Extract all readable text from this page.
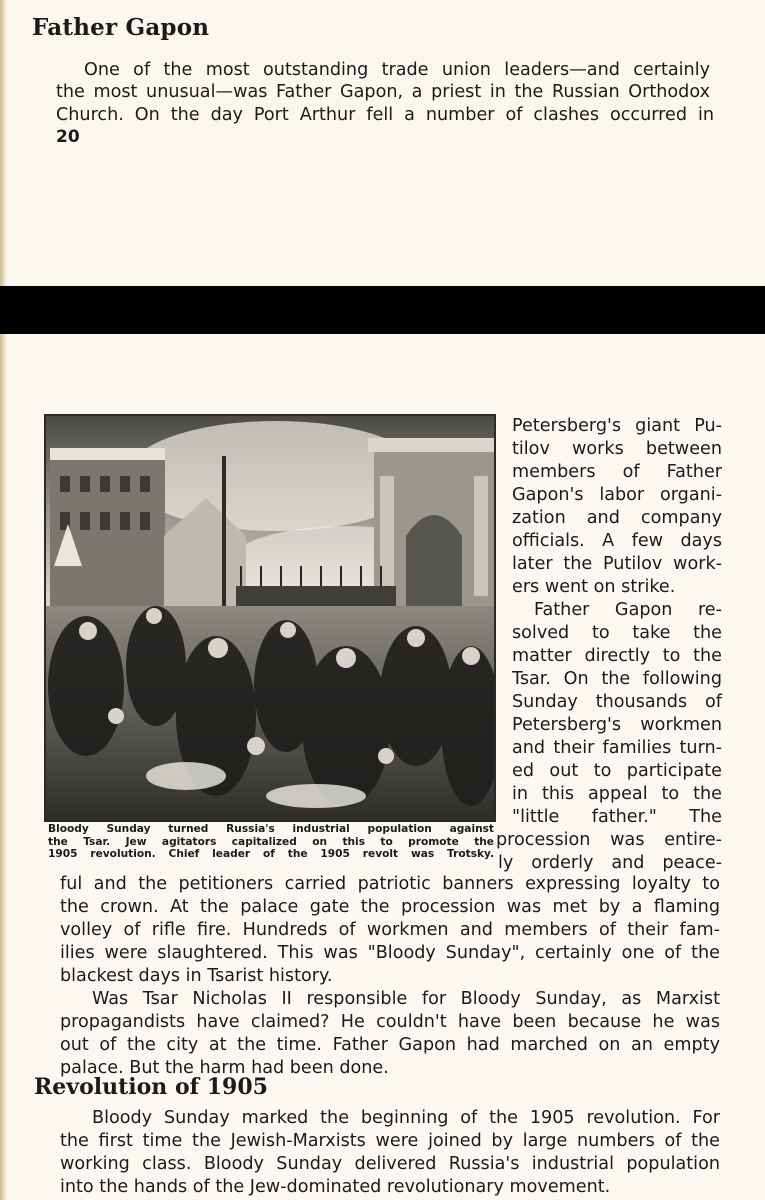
Father Gapon

One of the most outstanding trade union leaders—and certainly

the most unusual—was Father Gapon, a priest in the Russian Orthodox

Church. On the day Port Arthur fell a number of clashes occurred in

20

Bloody Sunday turned Russia's industrial population against
the Tsar. Jew agitators capitalized on this to promote the
1905 revolution. Chief leader of the 1905 revolt was Trotsky.

Petersberg's giant Pu-
tilov works between
members of Father
Gapon's labor organi-
zation and company
officials. A few days
later the Putilov work-
ers went on strike.
Father Gapon re-
solved to take the
matter directly to the
Tsar. On the following
Sunday thousands of
Petersberg's workmen
and their families turn-
ed out to participate
in this appeal to the
"little father." The
procession was entire-
ly orderly and peace-

ful and the petitioners carried patriotic banners expressing loyalty to

the crown. At the palace gate the procession was met by a flaming

volley of rifle fire. Hundreds of workmen and members of their fam-

ilies were slaughtered. This was "Bloody Sunday", certainly one of the

blackest days in Tsarist history.

Was Tsar Nicholas II responsible for Bloody Sunday, as Marxist

propagandists have claimed? He couldn't have been because he was

out of the city at the time. Father Gapon had marched on an empty

palace. But the harm had been done.

Revolution of 1905

Bloody Sunday marked the beginning of the 1905 revolution. For

the first time the Jewish-Marxists were joined by large numbers of the

working class. Bloody Sunday delivered Russia's industrial population

into the hands of the Jew-dominated revolutionary movement.
